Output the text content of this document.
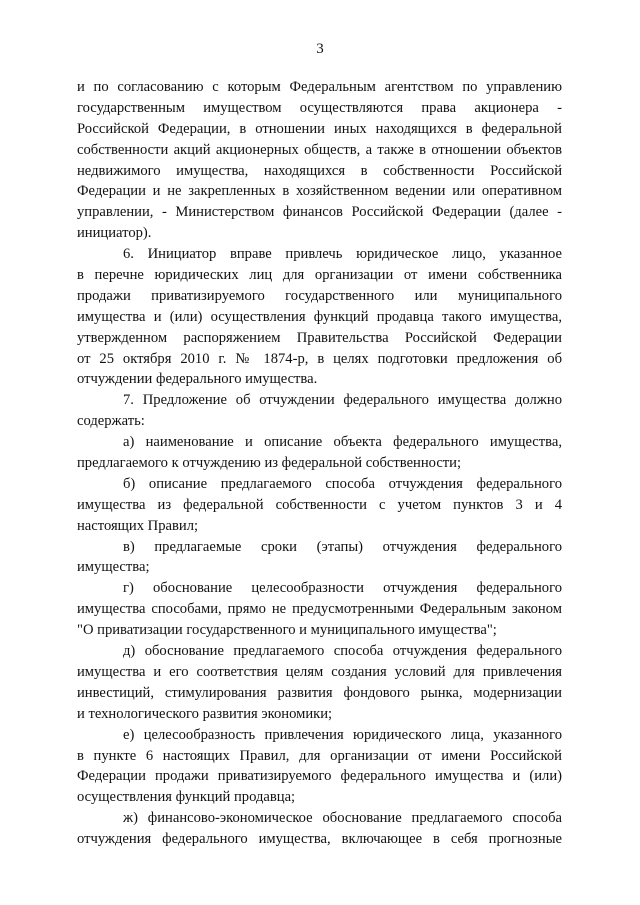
3
и по согласованию с которым Федеральным агентством по управлению
государственным имуществом осуществляются права акционера -
Российской Федерации, в отношении иных находящихся в федеральной
собственности акций акционерных обществ, а также в отношении объектов
недвижимого имущества, находящихся в собственности Российской
Федерации и не закрепленных в хозяйственном ведении или оперативном
управлении, - Министерством финансов Российской Федерации (далее -
инициатор).
6. Инициатор вправе привлечь юридическое лицо, указанное
в перечне юридических лиц для организации от имени собственника
продажи приватизируемого государственного или муниципального
имущества и (или) осуществления функций продавца такого имущества,
утвержденном распоряжением Правительства Российской Федерации
от 25 октября 2010 г. № 1874-р, в целях подготовки предложения об
отчуждении федерального имущества.
7. Предложение об отчуждении федерального имущества должно
содержать:
а) наименование и описание объекта федерального имущества,
предлагаемого к отчуждению из федеральной собственности;
б) описание предлагаемого способа отчуждения федерального
имущества из федеральной собственности с учетом пунктов 3 и 4
настоящих Правил;
в) предлагаемые сроки (этапы) отчуждения федерального
имущества;
г) обоснование целесообразности отчуждения федерального
имущества способами, прямо не предусмотренными Федеральным законом
"О приватизации государственного и муниципального имущества";
д) обоснование предлагаемого способа отчуждения федерального
имущества и его соответствия целям создания условий для привлечения
инвестиций, стимулирования развития фондового рынка, модернизации
и технологического развития экономики;
е) целесообразность привлечения юридического лица, указанного
в пункте 6 настоящих Правил, для организации от имени Российской
Федерации продажи приватизируемого федерального имущества и (или)
осуществления функций продавца;
ж) финансово-экономическое обоснование предлагаемого способа
отчуждения федерального имущества, включающее в себя прогнозные
